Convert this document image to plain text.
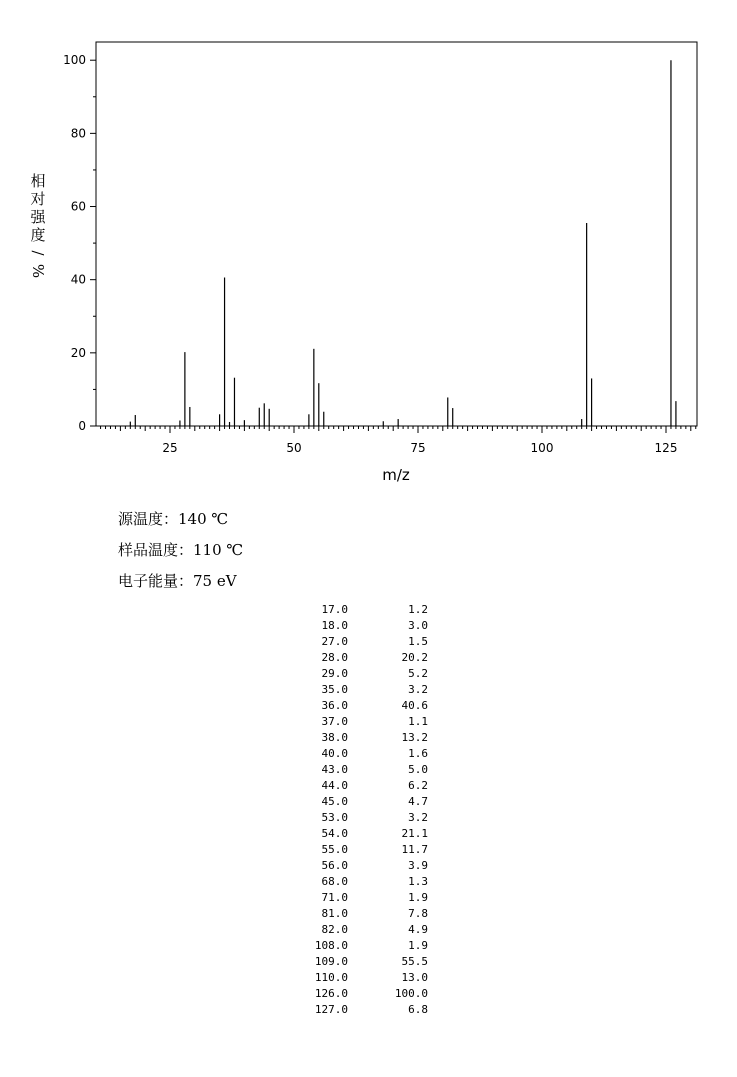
0
20
40
60
80
100
25	50	75	100	125
m/z
相
对
强
度
/
%
源温度：140 ℃
样品温度：110 ℃
电子能量：75 eV
17.0	1.2
18.0	3.0
27.0	1.5
28.0	20.2
29.0	5.2
35.0	3.2
36.0	40.6
37.0	1.1
38.0	13.2
40.0	1.6
43.0	5.0
44.0	6.2
45.0	4.7
53.0	3.2
54.0	21.1
55.0	11.7
56.0	3.9
68.0	1.3
71.0	1.9
81.0	7.8
82.0	4.9
108.0	1.9
109.0	55.5
110.0	13.0
126.0	100.0
127.0	6.8
